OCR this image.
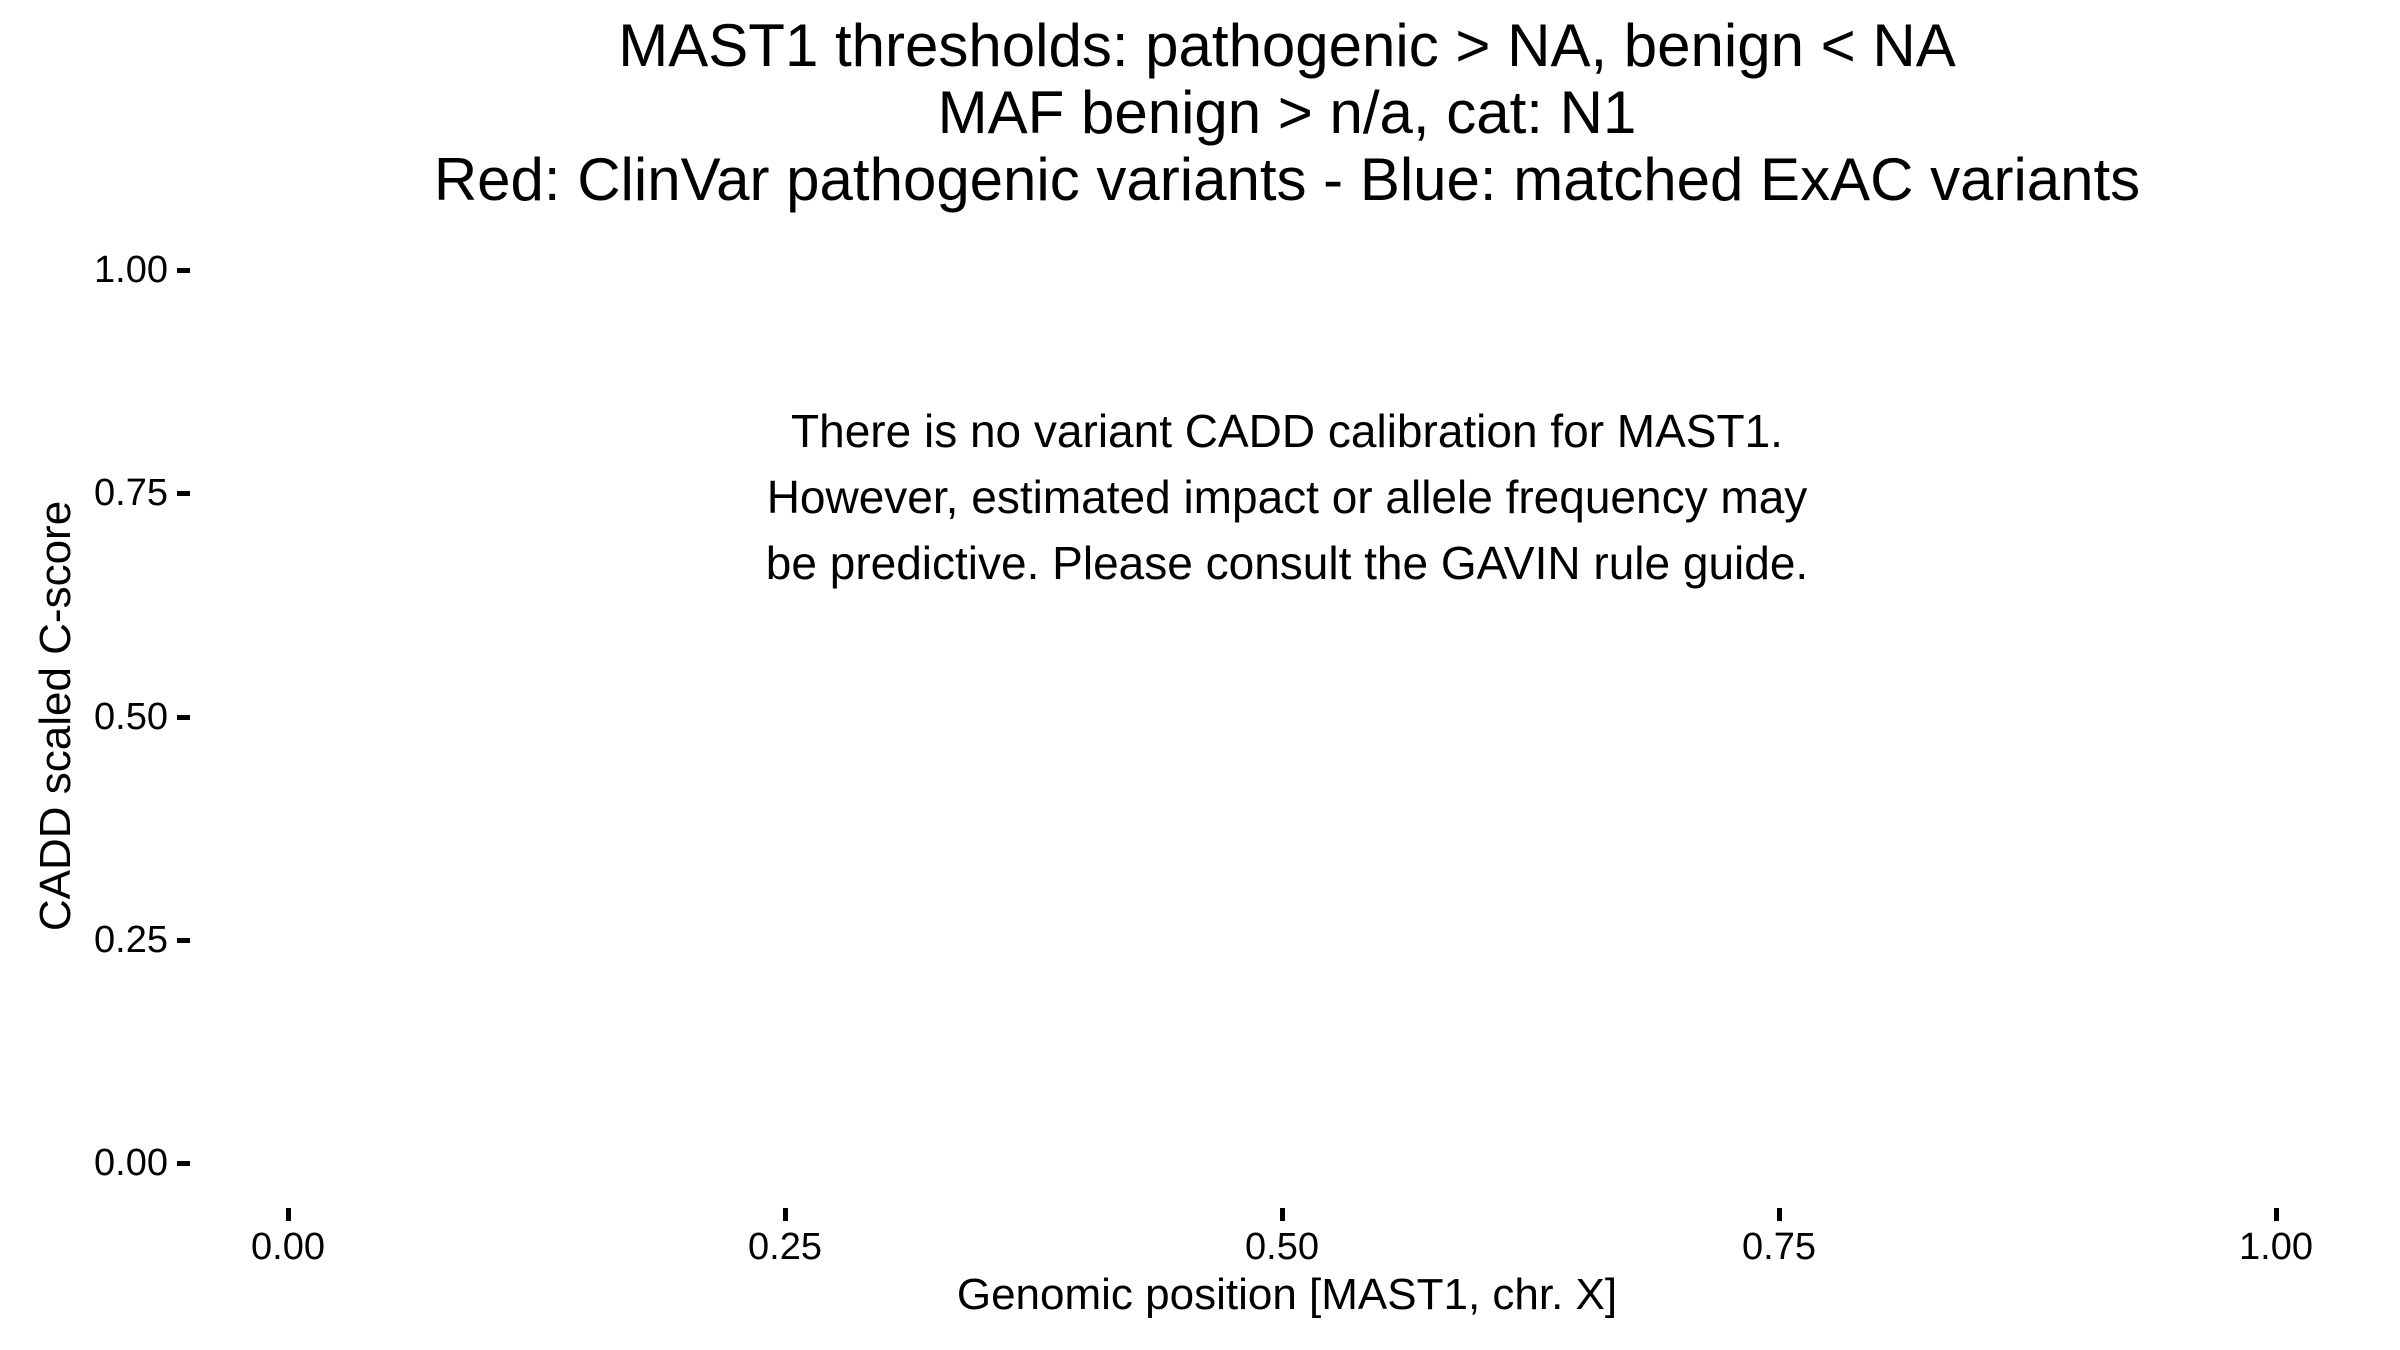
MAST1 thresholds: pathogenic > NA, benign < NA
MAF benign > n/a, cat: N1
Red: ClinVar pathogenic variants - Blue: matched ExAC variants
There is no variant CADD calibration for MAST1.
However, estimated impact or allele frequency may
be predictive. Please consult the GAVIN rule guide.
1.00
0.75
0.50
0.25
0.00
0.00	0.25	0.50	0.75	1.00
Genomic position [MAST1, chr. X]
CADD scaled C-score
